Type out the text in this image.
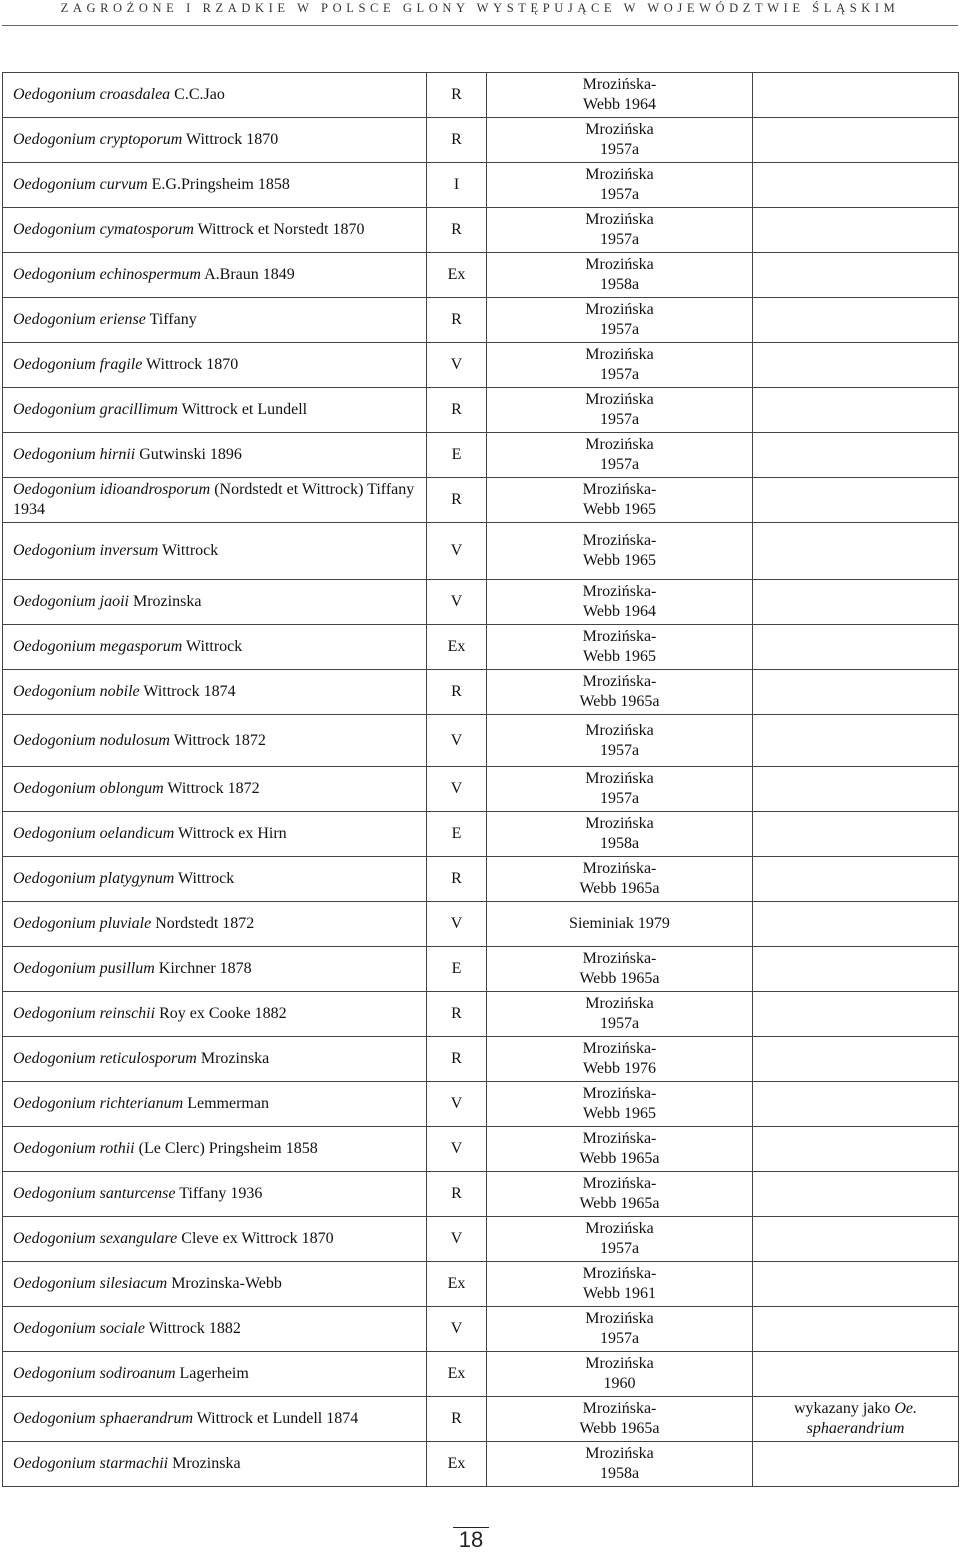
ZAGROŻONE I RZADKIE W POLSCE GLONY WYSTĘPUJĄCE W WOJEWÓDZTWIE ŚLĄSKIM
Oedogonium croasdalea C.C.Jao	R	Mrozińska-
Webb 1964	

Oedogonium cryptoporum Wittrock 1870	R	Mrozińska
1957a	

Oedogonium curvum E.G.Pringsheim 1858	I	Mrozińska
1957a	

Oedogonium cymatosporum Wittrock et Norstedt 1870	R	Mrozińska
1957a	

Oedogonium echinospermum A.Braun 1849	Ex	Mrozińska
1958a	

Oedogonium eriense Tiffany	R	Mrozińska
1957a	

Oedogonium fragile Wittrock 1870	V	Mrozińska
1957a	

Oedogonium gracillimum Wittrock et Lundell	R	Mrozińska
1957a	

Oedogonium hirnii Gutwinski 1896	E	Mrozińska
1957a	

Oedogonium idioandrosporum (Nordstedt et Wittrock) Tiffany 1934	R	Mrozińska-
Webb 1965	

Oedogonium inversum Wittrock	V	Mrozińska-
Webb 1965	

Oedogonium jaoii Mrozinska	V	Mrozińska-
Webb 1964	

Oedogonium megasporum Wittrock	Ex	Mrozińska-
Webb 1965	

Oedogonium nobile Wittrock 1874	R	Mrozińska-
Webb 1965a	

Oedogonium nodulosum Wittrock 1872	V	Mrozińska
1957a	

Oedogonium oblongum Wittrock 1872	V	Mrozińska
1957a	

Oedogonium oelandicum Wittrock ex Hirn	E	Mrozińska
1958a	

Oedogonium platygynum Wittrock	R	Mrozińska-
Webb 1965a	

Oedogonium pluviale Nordstedt 1872	V	Sieminiak 1979	

Oedogonium pusillum Kirchner 1878	E	Mrozińska-
Webb 1965a	

Oedogonium reinschii Roy ex Cooke 1882	R	Mrozińska
1957a	

Oedogonium reticulosporum Mrozinska	R	Mrozińska-
Webb 1976	

Oedogonium richterianum Lemmerman	V	Mrozińska-
Webb 1965	

Oedogonium rothii (Le Clerc) Pringsheim 1858	V	Mrozińska-
Webb 1965a	

Oedogonium santurcense Tiffany 1936	R	Mrozińska-
Webb 1965a	

Oedogonium sexangulare Cleve ex Wittrock 1870	V	Mrozińska
1957a	

Oedogonium silesiacum Mrozinska-Webb	Ex	Mrozińska-
Webb 1961	

Oedogonium sociale Wittrock 1882	V	Mrozińska
1957a	

Oedogonium sodiroanum Lagerheim	Ex	Mrozińska
1960	

Oedogonium sphaerandrum Wittrock et Lundell 1874	R	Mrozińska-
Webb 1965a	wykazany jako Oe.
sphaerandrium

Oedogonium starmachii Mrozinska	Ex	Mrozińska
1958a	

18
